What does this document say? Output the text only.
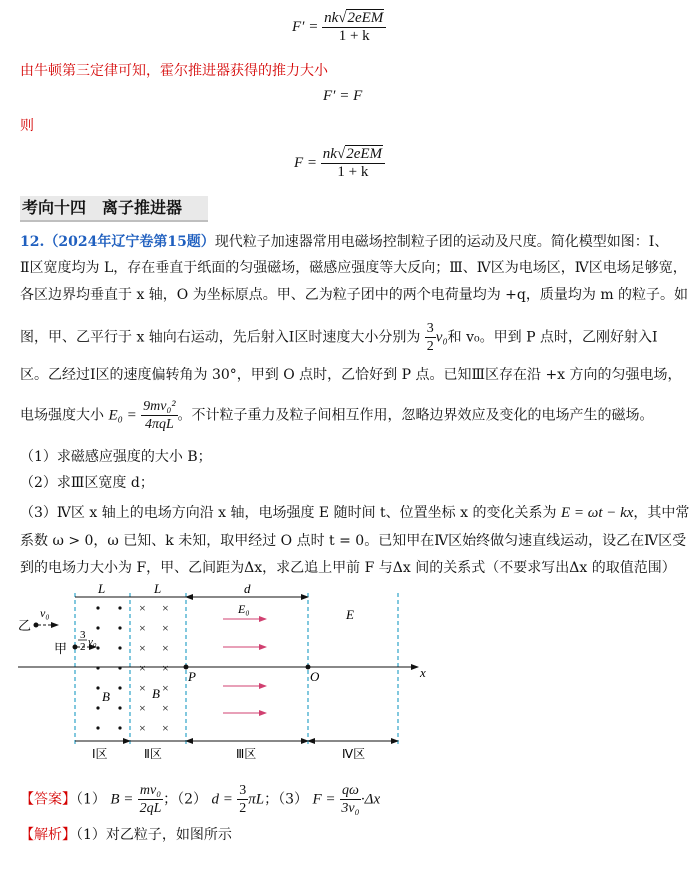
$F' = \frac{\text{nk√2eEM}}{1 + k}$
由牛顿第三定律可知，霍尔推进器获得的推力大小
F′ = F
则
$F = \frac{\text{nk√2eEM}}{1 + k}$
考向十四　离子推进器
12.（2024年辽宁卷第15题）现代粒子加速器常用电磁场控制粒子团的运动及尺度。简化模型如图：Ⅰ、
Ⅱ区宽度均为 L，存在垂直于纸面的匀强磁场，磁感应强度等大反向；Ⅲ、Ⅳ区为电场区，Ⅳ区电场足够宽，
各区边界均垂直于 x 轴，O 为坐标原点。甲、乙为粒子团中的两个电荷量均为 +q，质量均为 m 的粒子。如
图，甲、乙平行于 x 轴向右运动，先后射入Ⅰ区时速度大小分别为 $\frac{3}{2} v_0$和 v₀。甲到 P 点时，乙刚好射入Ⅰ
区。乙经过Ⅰ区的速度偏转角为 30°，甲到 O 点时，乙恰好到 P 点。已知Ⅲ区存在沿 +x 方向的匀强电场，
电场强度大小 $E_0 = \frac{\text{9mv₀²}}{\text{4πqL}}$ 。不计粒子重力及粒子间相互作用，忽略边界效应及变化的电场产生的磁场。
（1）求磁感应强度的大小 B；
（2）求Ⅲ区宽度 d；
（3）Ⅳ区 x 轴上的电场方向沿 x 轴，电场强度 E 随时间 t、位置坐标 x 的变化关系为 E = ωt − kx，其中常
系数 ω > 0，ω 已知、k 未知，取甲经过 O 点时 t = 0。已知甲在Ⅳ区始终做匀速直线运动，设乙在Ⅳ区受
到的电场力大小为 F，甲、乙间距为Δx，求乙追上甲前 F 与Δx 间的关系式（不要求写出Δx 的取值范围）
L	L	d
× ×
× ×
× ×
× ×
× ×
× ×
× ×
B	B
E₀	E
x
P	O
乙
v₀
甲
3
2 v₀
Ⅰ区	Ⅱ区	Ⅲ区	Ⅳ区
【答案】（1） $B = \frac{\text{mv₀}}{2qL}$ ；（2） $d = \frac{3}{2}$ πL；（3） $F = \frac{q\omega}{\text{3v₀}} \cdot\Delta x$
【解析】（1）对乙粒子，如图所示
